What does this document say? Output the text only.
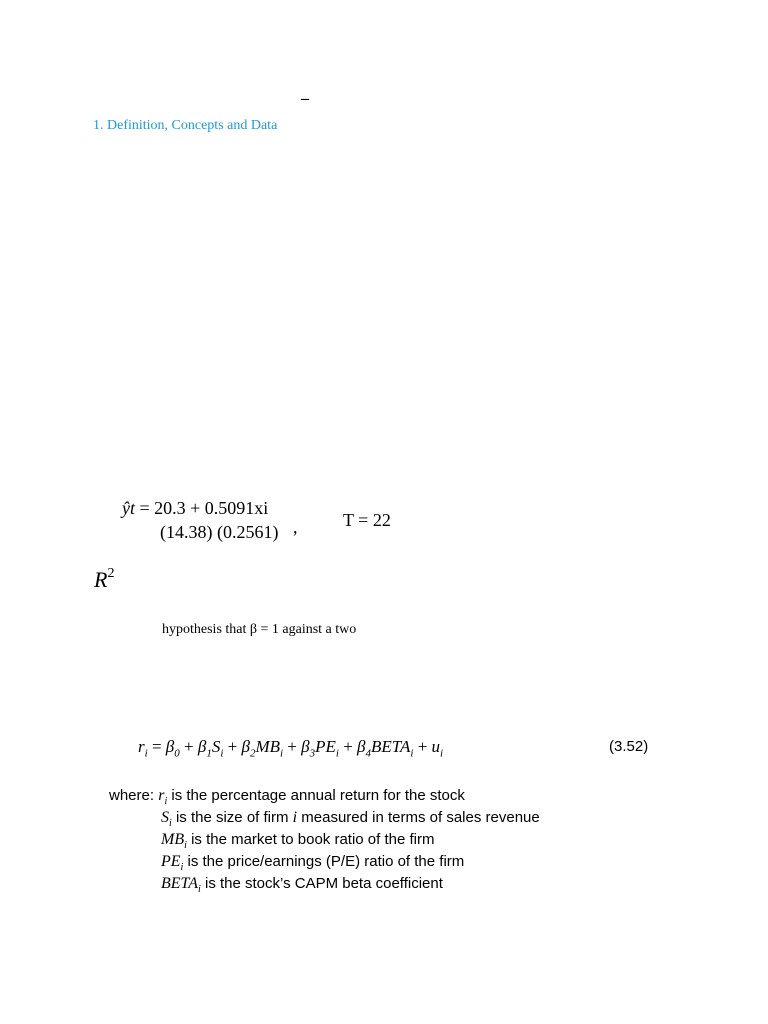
–
1. Definition, Concepts and Data
ŷt = 20.3 + 0.5091xi
(14.38) (0.2561) ,	T = 22
$R^2$
hypothesis that β = 1 against a two
$r_i = \beta_0 + \beta_1S_i + \beta_2MB_i + \beta_3PE_i$ + $\beta_4BETA_i + u_i$	(3.52)
where: $r_i$ is the percentage annual return for the stock
$S_i$ is the size of firm i measured in terms of sales revenue
$MB_i$ is the market to book ratio of the firm
$PE_i$ is the price/earnings (P/E) ratio of the firm
$BETA_i$ is the stock’s CAPM beta coefficient
